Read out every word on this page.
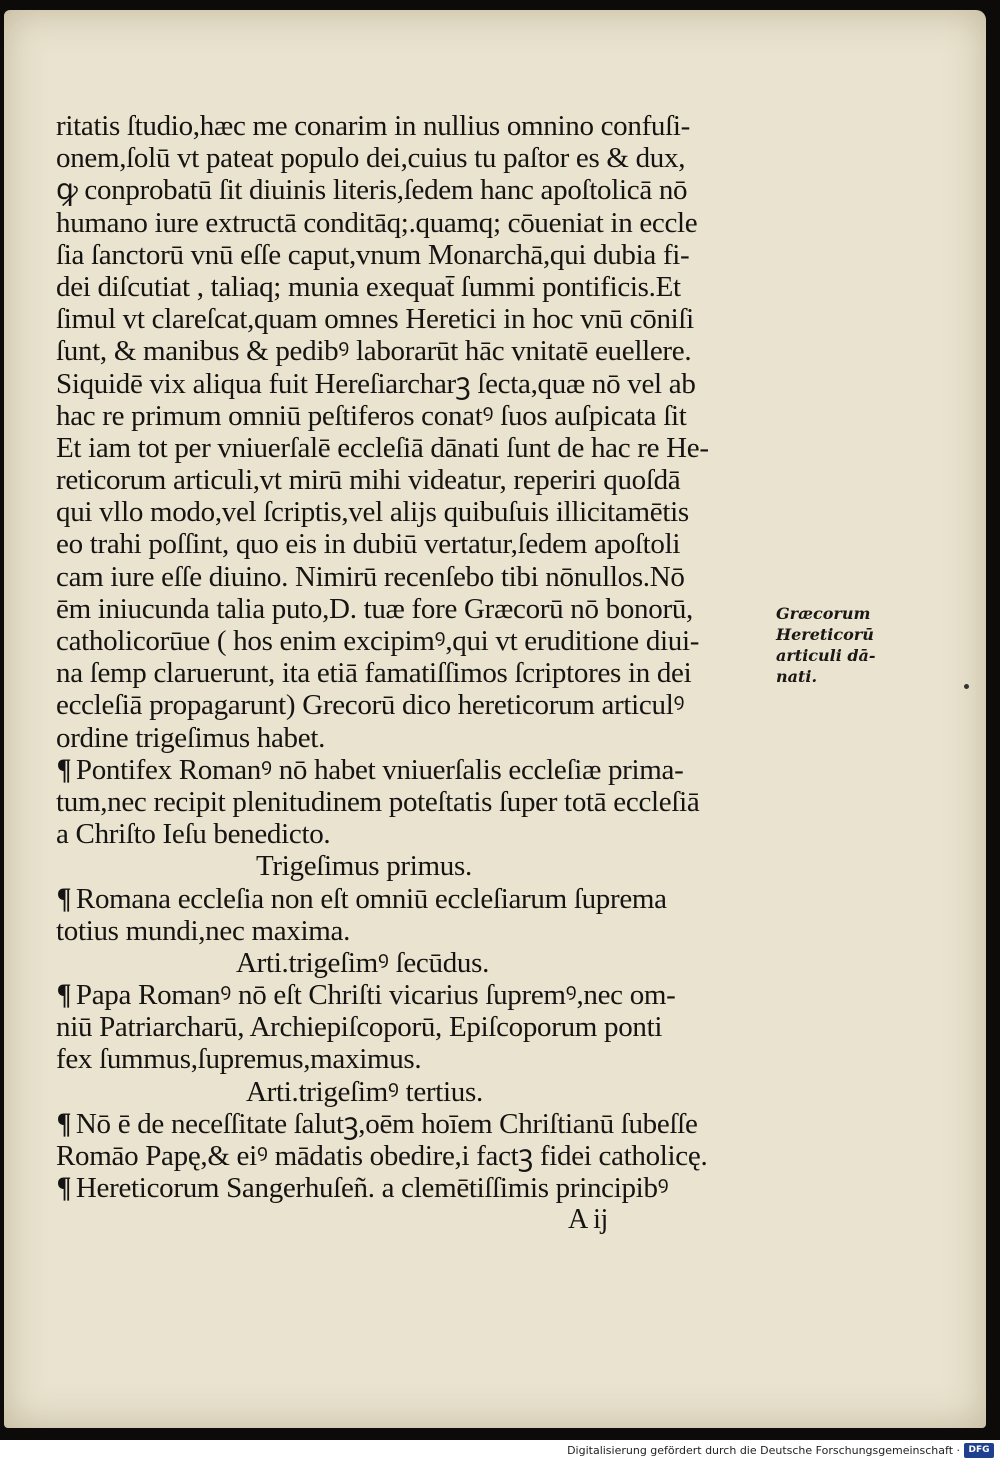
ritatis ſtudio,hæc me conarim in nullius omnino confuſi-
onem,ſolū vt pateat populo dei,cuius tu paſtor es & dux,
ꝙ conprobatū ſit diuinis literis,ſedem hanc apoſtolicā nō
humano iure extructā conditāq;.quamq; cōueniat in eccle
ſia ſanctorū vnū eſſe caput,vnum Monarchā,qui dubia fi-
dei diſcutiat , taliaq; munia exequat̄ ſummi pontificis.Et
ſimul vt clareſcat,quam omnes Heretici in hoc vnū cōniſi
ſunt, & manibus & pedibꝰ laborarūt hāc vnitatē euellere.
Siquidē vix aliqua fuit Hereſiarcharꝫ ſecta,quæ nō vel ab
hac re primum omniū peſtiferos conatꝰ ſuos auſpicata ſit
Et iam tot per vniuerſalē eccleſiā dānati ſunt de hac re He-
reticorum articuli,vt mirū mihi videatur, reperiri quoſdā
qui vllo modo,vel ſcriptis,vel alijs quibuſuis illicitamētis
eo trahi poſſint, quo eis in dubiū vertatur,ſedem apoſtoli
cam iure eſſe diuino. Nimirū recenſebo tibi nōnullos.Nō
ēm iniucunda talia puto,D. tuæ fore Græcorū nō bonorū,
catholicorūue ( hos enim excipimꝰ,qui vt eruditione diui-
na ſemp claruerunt, ita etiā famatiſſimos ſcriptores in dei
eccleſiā propagarunt) Grecorū dico hereticorum articulꝰ
ordine trigeſimus habet.
¶ Pontifex Romanꝰ nō habet vniuerſalis eccleſiæ prima-
tum,nec recipit plenitudinem poteſtatis ſuper totā eccleſiā
a Chriſto Ieſu benedicto.
Trigeſimus primus.
¶ Romana eccleſia non eſt omniū eccleſiarum ſuprema
totius mundi,nec maxima.
Arti.trigeſimꝰ ſecūdus.
¶ Papa Romanꝰ nō eſt Chriſti vicarius ſupremꝰ,nec om-
niū Patriarcharū, Archiepiſcoporū, Epiſcoporum ponti
fex ſummus,ſupremus,maximus.
Arti.trigeſimꝰ tertius.
¶ Nō ē de neceſſitate ſalutꝫ,oēm hoīem Chriſtianū ſubeſſe
Romāo Papę,& eiꝰ mādatis obedire,i factꝫ fidei catholicę.
¶ Hereticorum Sangerhuſeñ. a clemētiſſimis principibꝰ
A ij
Græcorum
Hereticorū
articuli dā-
nati.
Digitalisierung gefördert durch die Deutsche Forschungsgemeinschaft · DFG
